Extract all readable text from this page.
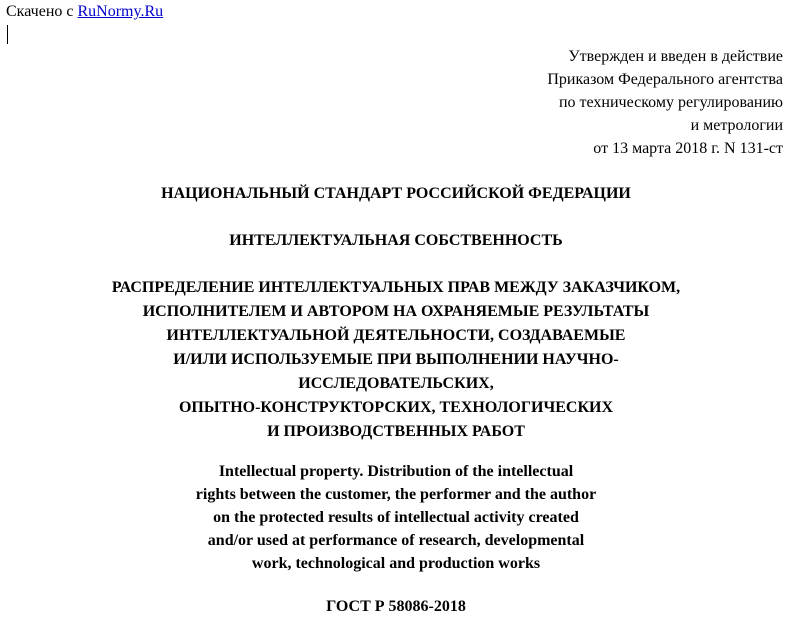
Скачено с RuNormy.Ru
Утвержден и введен в действие
Приказом Федерального агентства
по техническому регулированию
и метрологии
от 13 марта 2018 г. N 131-ст
НАЦИОНАЛЬНЫЙ СТАНДАРТ РОССИЙСКОЙ ФЕДЕРАЦИИ
ИНТЕЛЛЕКТУАЛЬНАЯ СОБСТВЕННОСТЬ
РАСПРЕДЕЛЕНИЕ ИНТЕЛЛЕКТУАЛЬНЫХ ПРАВ МЕЖДУ ЗАКАЗЧИКОМ,
ИСПОЛНИТЕЛЕМ И АВТОРОМ НА ОХРАНЯЕМЫЕ РЕЗУЛЬТАТЫ
ИНТЕЛЛЕКТУАЛЬНОЙ ДЕЯТЕЛЬНОСТИ, СОЗДАВАЕМЫЕ
И/ИЛИ ИСПОЛЬЗУЕМЫЕ ПРИ ВЫПОЛНЕНИИ НАУЧНО-
ИССЛЕДОВАТЕЛЬСКИХ,
ОПЫТНО-КОНСТРУКТОРСКИХ, ТЕХНОЛОГИЧЕСКИХ
И ПРОИЗВОДСТВЕННЫХ РАБОТ
Intellectual property. Distribution of the intellectual
rights between the customer, the performer and the author
on the protected results of intellectual activity created
and/or used at performance of research, developmental
work, technological and production works
ГОСТ Р 58086-2018
